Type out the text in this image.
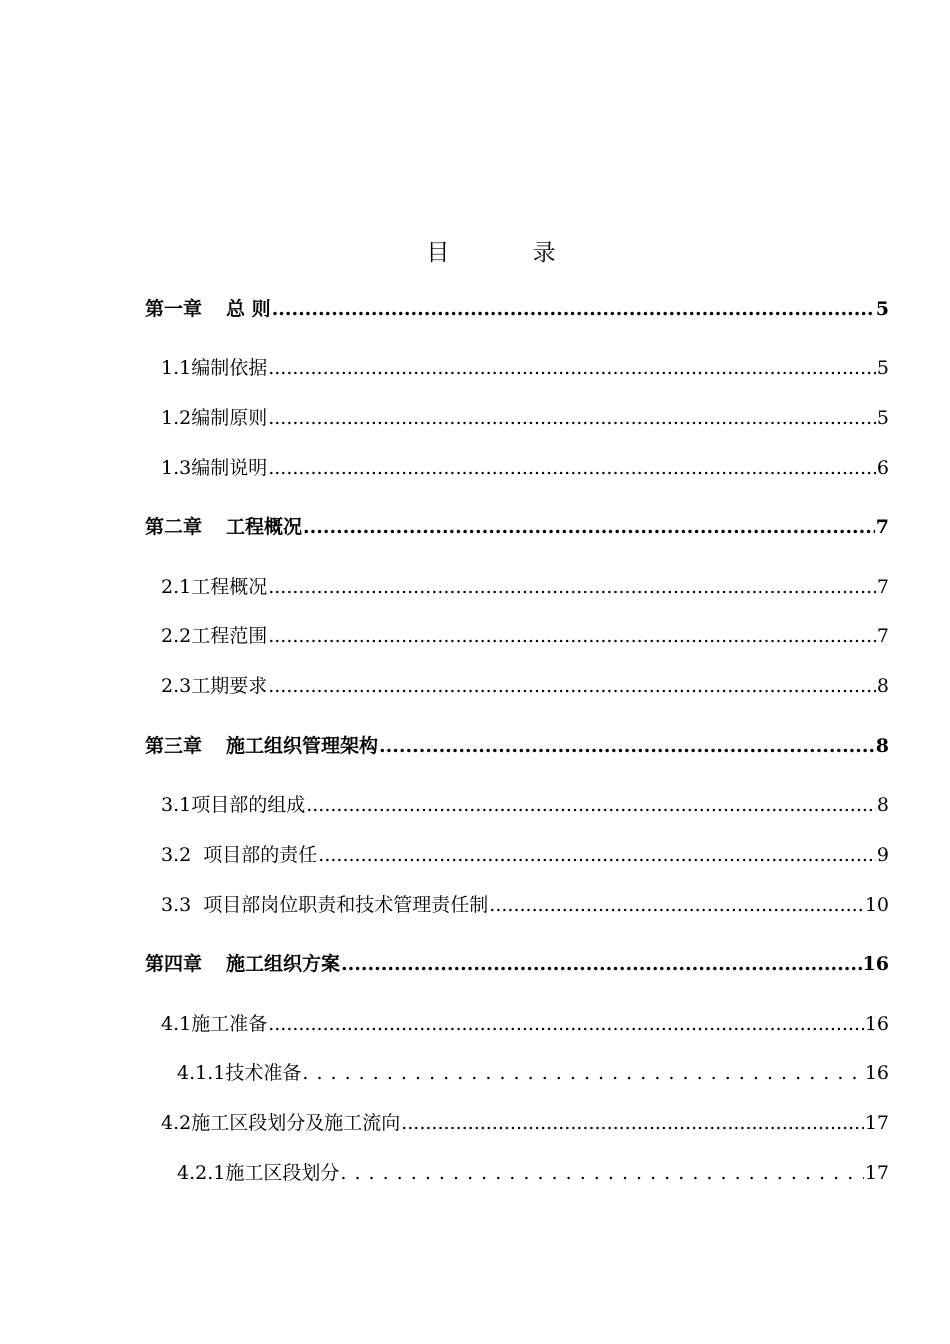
目 录
第一章 总 则 .....	5
1.1编制依据 .....	5
1.2编制原则 .....	5
1.3编制说明 .....	6
第二章 工程概况 .....	7
2.1工程概况 .....	7
2.2工程范围 .....	7
2.3工期要求 .....	8
第三章 施工组织管理架构 .....	8
3.1项目部的组成 .....	8
3.2  项目部的责任 .....	9
3.3  项目部岗位职责和技术管理责任制 .....	10
第四章 施工组织方案 .....	16
4.1施工准备 .....	16
4.1.1技术准备 . . .	16
4.2施工区段划分及施工流向 .....	17
4.2.1施工区段划分 . . .	17
